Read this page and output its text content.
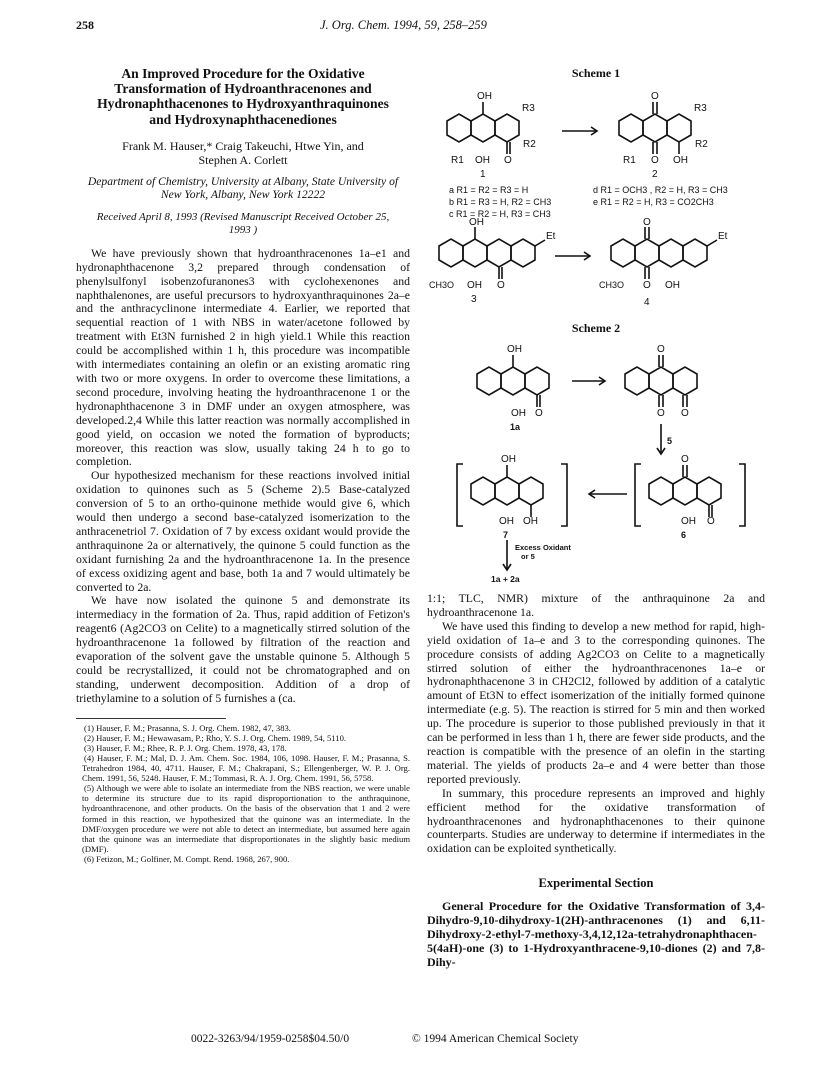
258	J. Org. Chem. 1994, 59, 258–259
An Improved Procedure for the Oxidative Transformation of Hydroanthracenones and Hydronaphthacenones to Hydroxyanthraquinones and Hydroxynaphthacenediones
Frank M. Hauser,* Craig Takeuchi, Htwe Yin, and Stephen A. Corlett
Department of Chemistry, University at Albany, State University of New York, Albany, New York 12222
Received April 8, 1993 (Revised Manuscript Received October 25, 1993 )

We have previously shown that hydroanthracenones 1a–e1 and hydronaphthacenone 3,2 prepared through condensation of phenylsulfonyl isobenzofuranones3 with cyclohexenones and naphthalenones, are useful precursors to hydroxyanthraquinones 2a–e and the anthracyclinone intermediate 4. Earlier, we reported that sequential reaction of 1 with NBS in water/acetone followed by treatment with Et3N furnished 2 in high yield.1 While this reaction could be accomplished within 1 h, this procedure was incompatible with intermediates containing an olefin or an existing aromatic ring with two or more oxygens. In order to overcome these limitations, a second procedure, involving heating the hydroanthracenone 1 or the hydronaphthacenone 3 in DMF under an oxygen atmosphere, was developed.2,4 While this latter reaction was normally accomplished in good yield, on occasion we noted the formation of byproducts; moreover, this reaction was slow, usually taking 24 h to go to completion.

Our hypothesized mechanism for these reactions involved initial oxidation to quinones such as 5 (Scheme 2).5 Base-catalyzed conversion of 5 to an ortho-quinone methide would give 6, which would then undergo a second base-catalyzed isomerization to the anthracenetriol 7. Oxidation of 7 by excess oxidant would provide the anthraquinone 2a or alternatively, the quinone 5 could function as the oxidant furnishing 2a and the hydroanthracenone 1a. In the presence of excess oxidizing agent and base, both 1a and 7 would ultimately be converted to 2a.

We have now isolated the quinone 5 and demonstrate its intermediacy in the formation of 2a. Thus, rapid addition of Fetizon's reagent6 (Ag2CO3 on Celite) to a magnetically stirred solution of the hydroanthracenone 1a followed by filtration of the reaction and evaporation of the solvent gave the unstable quinone 5. Although 5 could be recrystallized, it could not be chromatographed and on standing, underwent decomposition. Addition of a drop of triethylamine to a solution of 5 furnishes a (ca.

(1) Hauser, F. M.; Prasanna, S. J. Org. Chem. 1982, 47, 383.

(2) Hauser, F. M.; Hewawasam, P.; Rho, Y. S. J. Org. Chem. 1989, 54, 5110.

(3) Hauser, F. M.; Rhee, R. P. J. Org. Chem. 1978, 43, 178.

(4) Hauser, F. M.; Mal, D. J. Am. Chem. Soc. 1984, 106, 1098. Hauser, F. M.; Prasanna, S. Tetrahedron 1984, 40, 4711. Hauser, F. M.; Chakrapani, S.; Ellengenberger, W. P. J. Org. Chem. 1991, 56, 5248. Hauser, F. M.; Tommasi, R. A. J. Org. Chem. 1991, 56, 5758.

(5) Although we were able to isolate an intermediate from the NBS reaction, we were unable to determine its structure due to its rapid disproportionation to the anthraquinone, hydroanthracenone, and other products. On the basis of the observation that 1 and 2 were formed in this reaction, we hypothesized that the quinone was an intermediate. In the DMF/oxygen procedure we were not able to detect an intermediate, but assumed here again that the quinone was an intermediate that disproportionates in the slightly basic medium (DMF).

(6) Fetizon, M.; Golfiner, M. Compt. Rend. 1968, 267, 900.

Scheme 1
OH
R3
R2
R1 OH O
1
O
R3
R2
R1 O OH
2
a R1 = R2 = R3 = H	d R1 = OCH3 , R2 = H, R3 = CH3
b R1 = R3 = H, R2 = CH3	e R1 = R2 = H, R3 = CO2CH3
c R1 = R2 = H, R3 = CH3
OH
Et
CH3O OH O
3
O
Et
CH3O O OH
4
Scheme 2
OH
OH O
1a
O
O O
5
OH
OH OH
O
OH O
7	6
Excess Oxidant
or 5
1a + 2a

1:1; TLC, NMR) mixture of the anthraquinone 2a and hydroanthracenone 1a.

We have used this finding to develop a new method for rapid, high-yield oxidation of 1a–e and 3 to the corresponding quinones. The procedure consists of adding Ag2CO3 on Celite to a magnetically stirred solution of either the hydroanthracenones 1a–e or hydronaphthacenone 3 in CH2Cl2, followed by addition of a catalytic amount of Et3N to effect isomerization of the initially formed quinone intermediate (e.g. 5). The reaction is stirred for 5 min and then worked up. The procedure is superior to those published previously in that it can be performed in less than 1 h, there are fewer side products, and the reaction is compatible with the presence of an olefin in the starting material. The yields of products 2a–e and 4 were better than those reported previously.

In summary, this procedure represents an improved and highly efficient method for the oxidative transformation of hydroanthracenones and hydronaphthacenones to their quinone counterparts. Studies are underway to determine if intermediates in the oxidation can be exploited synthetically.

Experimental Section

General Procedure for the Oxidative Transformation of 3,4-Dihydro-9,10-dihydroxy-1(2H)-anthracenones (1) and 6,11-Dihydroxy-2-ethyl-7-methoxy-3,4,12,12a-tetrahydronaphthacen-5(4aH)-one (3) to 1-Hydroxyanthracene-9,10-diones (2) and 7,8-Dihy-

0022-3263/94/1959-0258$04.50/0	© 1994 American Chemical Society
